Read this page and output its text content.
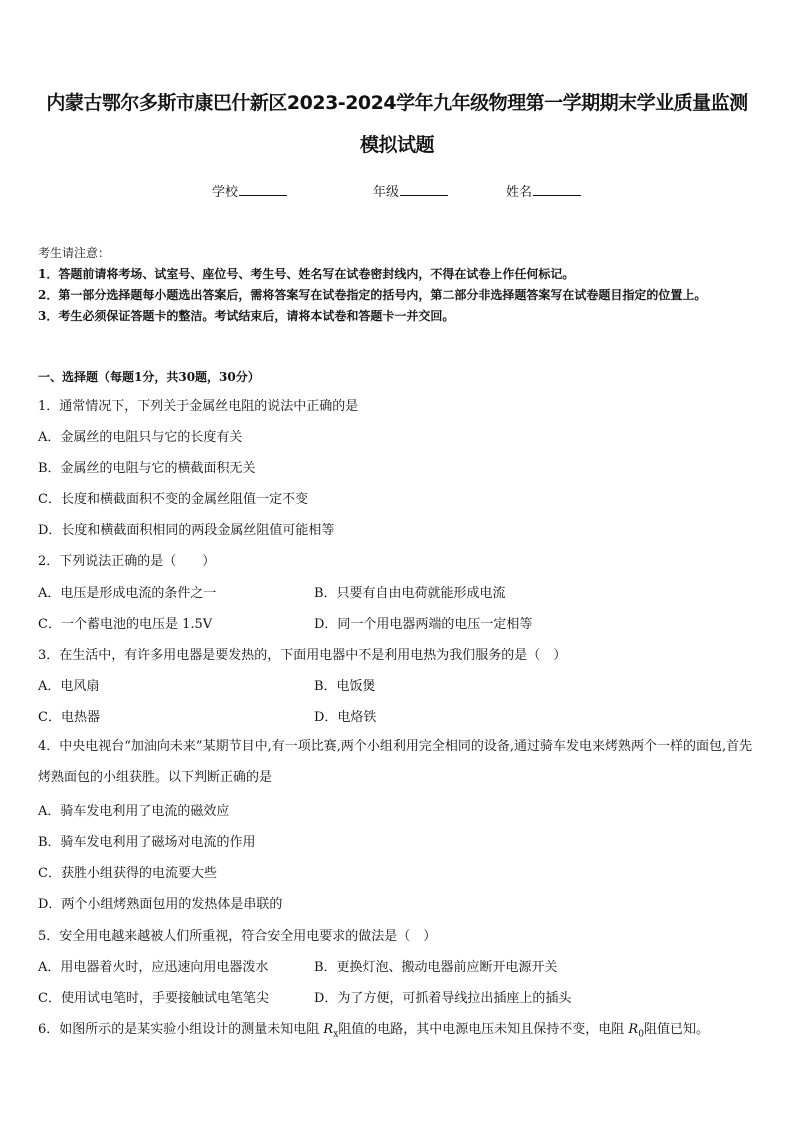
内蒙古鄂尔多斯市康巴什新区2023-2024学年九年级物理第一学期期末学业质量监测
模拟试题
学校	年级	姓名
考生请注意：
1．答题前请将考场、试室号、座位号、考生号、姓名写在试卷密封线内，不得在试卷上作任何标记。
2．第一部分选择题每小题选出答案后，需将答案写在试卷指定的括号内，第二部分非选择题答案写在试卷题目指定的位置上。
3．考生必须保证答题卡的整洁。考试结束后，请将本试卷和答题卡一并交回。
一、选择题（每题1分，共30题，30分）
1．通常情况下，下列关于金属丝电阻的说法中正确的是
A．金属丝的电阻只与它的长度有关
B．金属丝的电阻与它的横截面积无关
C．长度和横截面积不变的金属丝阻值一定不变
D．长度和横截面积相同的两段金属丝阻值可能相等
2．下列说法正确的是（　　）
A．电压是形成电流的条件之一	B．只要有自由电荷就能形成电流
C．一个蓄电池的电压是 1.5V	D．同一个用电器两端的电压一定相等
3．在生活中，有许多用电器是要发热的，下面用电器中不是利用电热为我们服务的是（　）
A．电风扇	B．电饭煲
C．电热器	D．电烙铁
4．中央电视台“加油向未来”某期节目中,有一项比赛,两个小组利用完全相同的设备,通过骑车发电来烤熟两个一样的面包,首先烤熟面包的小组获胜。以下判断正确的是
A．骑车发电利用了电流的磁效应
B．骑车发电利用了磁场对电流的作用
C．获胜小组获得的电流要大些
D．两个小组烤熟面包用的发热体是串联的
5．安全用电越来越被人们所重视，符合安全用电要求的做法是（　）
A．用电器着火时，应迅速向用电器泼水	B．更换灯泡、搬动电器前应断开电源开关
C．使用试电笔时，手要接触试电笔笔尖	D．为了方便，可抓着导线拉出插座上的插头
6．如图所示的是某实验小组设计的测量未知电阻 $R_x$阻值的电路，其中电源电压未知且保持不变，电阻 $R_0$阻值已知。
